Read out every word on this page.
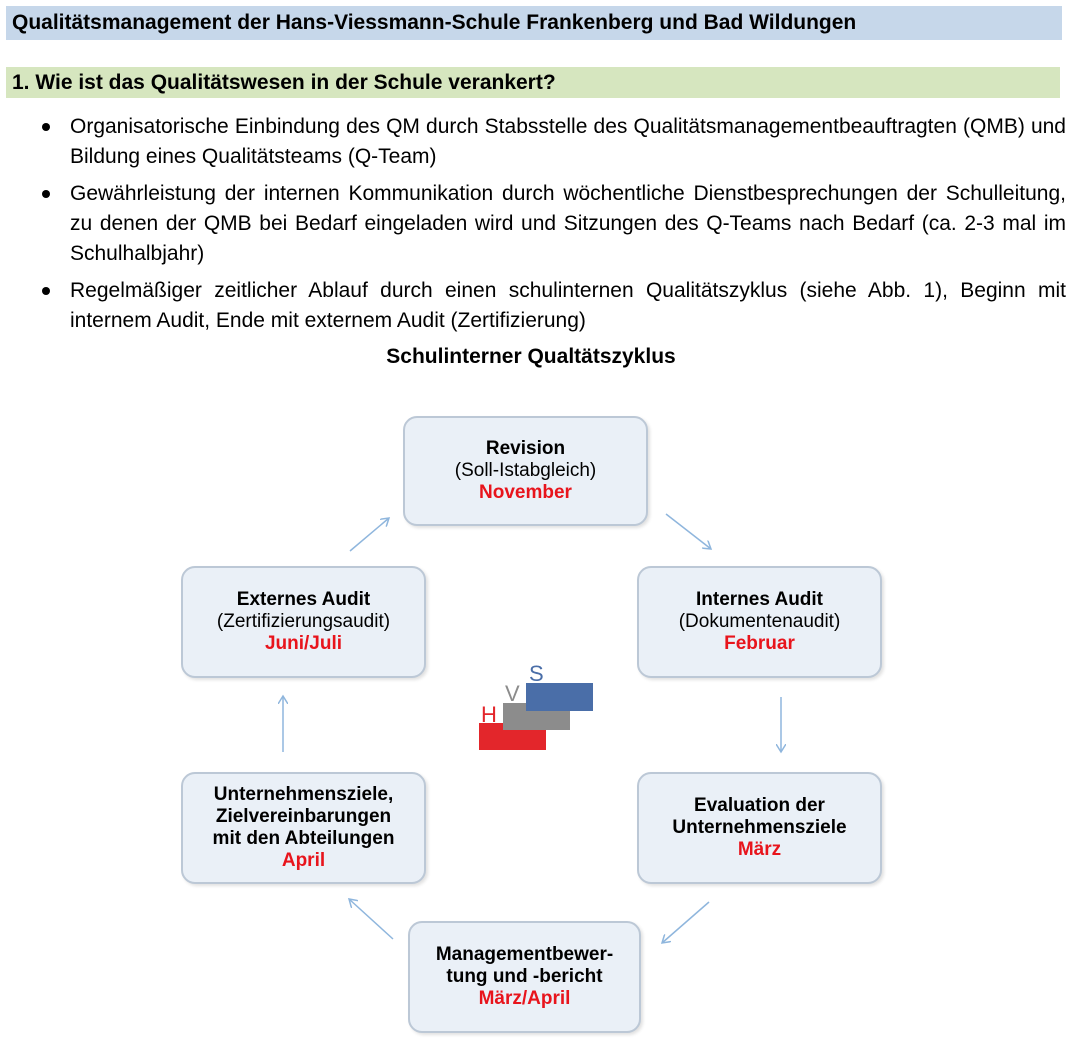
Qualitätsmanagement der Hans-Viessmann-Schule Frankenberg und Bad Wildungen
1. Wie ist das Qualitätswesen in der Schule verankert?
Organisatorische Einbindung des QM durch Stabsstelle des Qualitätsmanagementbeauftragten (QMB) und Bildung eines Qualitätsteams (Q-Team)
Gewährleistung der internen Kommunikation durch wöchentliche Dienstbesprechungen der Schulleitung, zu denen der QMB bei Bedarf eingeladen wird und Sitzungen des Q-Teams nach Bedarf (ca. 2-3 mal im Schulhalbjahr)
Regelmäßiger zeitlicher Ablauf durch einen schulinternen Qualitätszyklus (siehe Abb. 1), Beginn mit internem Audit, Ende mit externem Audit (Zertifizierung)
Schulinterner Qualtätszyklus
Revision
(Soll-Istabgleich)
November
Internes Audit
(Dokumentenaudit)
Februar
Evaluation der
Unternehmensziele
März
Managementbewer-
tung und -bericht
März/April
Unternehmensziele,
Zielvereinbarungen
mit den Abteilungen
April
Externes Audit
(Zertifizierungsaudit)
Juni/Juli
H
V
S
